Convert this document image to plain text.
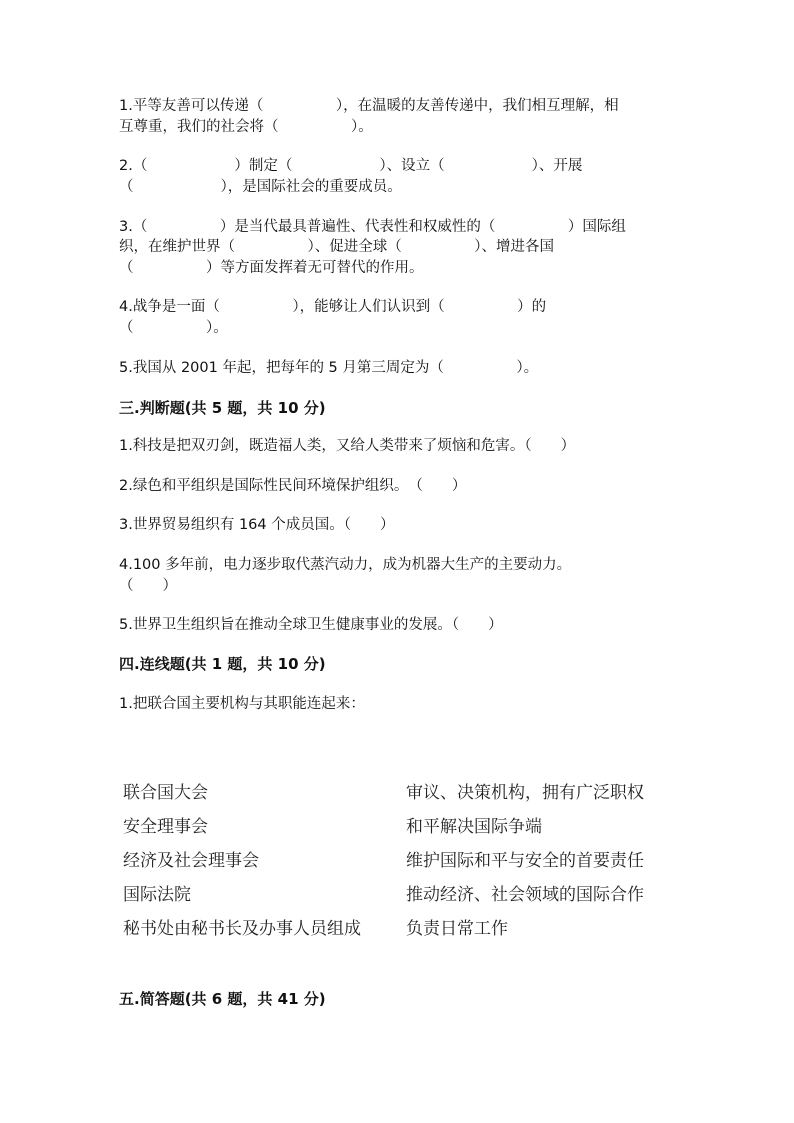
1.平等友善可以传递（　　　　　），在温暖的友善传递中，我们相互理解，相
互尊重，我们的社会将（　　　　　）。
2.（　　　　　　）制定（　　　　　　）、设立（　　　　　　）、开展
（　　　　　　），是国际社会的重要成员。
3.（　　　　　）是当代最具普遍性、代表性和权威性的（　　　　　）国际组
织，在维护世界（　　　　　）、促进全球（　　　　　）、增进各国
（　　　　　）等方面发挥着无可替代的作用。
4.战争是一面（　　　　　），能够让人们认识到（　　　　　）的
（　　　　　）。
5.我国从 2001 年起，把每年的 5 月第三周定为（　　　　　）。
三.判断题(共 5 题，共 10 分)
1.科技是把双刃剑，既造福人类，又给人类带来了烦恼和危害。（　　）
2.绿色和平组织是国际性民间环境保护组织。　（　　）
3.世界贸易组织有 164 个成员国。（　　）
4.100 多年前，电力逐步取代蒸汽动力，成为机器大生产的主要动力。
（　　）
5.世界卫生组织旨在推动全球卫生健康事业的发展。（　　）
四.连线题(共 1 题，共 10 分)
1.把联合国主要机构与其职能连起来：
联合国大会
安全理事会
经济及社会理事会
国际法院
秘书处由秘书长及办事人员组成
审议、决策机构，拥有广泛职权
和平解决国际争端
维护国际和平与安全的首要责任
推动经济、社会领域的国际合作
负责日常工作
五.简答题(共 6 题，共 41 分)
